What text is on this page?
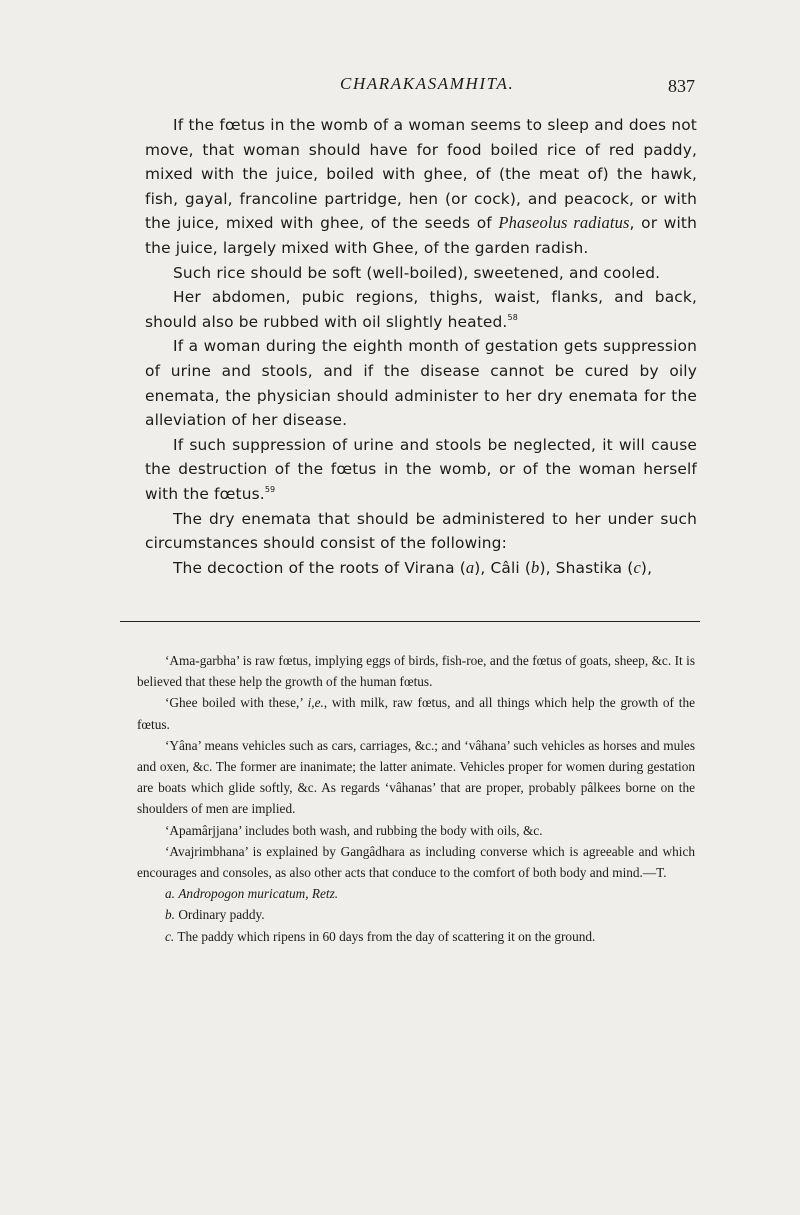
CHARAKASAMHITA.	837

If the fœtus in the womb of a woman seems to sleep and does not move, that woman should have for food boiled rice of red paddy, mixed with the juice, boiled with ghee, of (the meat of) the hawk, fish, gayal, francoline partridge, hen (or cock), and peacock, or with the juice, mixed with ghee, of the seeds of Phaseolus radiatus, or with the juice, largely mixed with Ghee, of the garden radish.

Such rice should be soft (well-boiled), sweetened, and cooled.

Her abdomen, pubic regions, thighs, waist, flanks, and back, should also be rubbed with oil slightly heated.$^{58}$

If a woman during the eighth month of gestation gets suppression of urine and stools, and if the disease cannot be cured by oily enemata, the physician should administer to her dry enemata for the alleviation of her disease.

If such suppression of urine and stools be neglected, it will cause the destruction of the fœtus in the womb, or of the woman herself with the fœtus.$^{59}$

The dry enemata that should be administered to her under such circumstances should consist of the following:

The decoction of the roots of Virana (a), Câli (b), Shastika (c),

‘Ama-garbha’ is raw fœtus, implying eggs of birds, fish-roe, and the fœtus of goats, sheep, &c. It is believed that these help the growth of the human fœtus.

‘Ghee boiled with these,’ i,e., with milk, raw fœtus, and all things which help the growth of the fœtus.

‘Yâna’ means vehicles such as cars, carriages, &c.; and ‘vâhana’ such vehicles as horses and mules and oxen, &c. The former are inanimate; the latter animate. Vehicles proper for women during gestation are boats which glide softly, &c. As regards ‘vâhanas’ that are proper, probably pâlkees borne on the shoulders of men are implied.

‘Apamârjjana’ includes both wash, and rubbing the body with oils, &c.

‘Avajrimbhana’ is explained by Gangâdhara as including converse which is agreeable and which encourages and consoles, as also other acts that conduce to the comfort of both body and mind.—T.

a. Andropogon muricatum, Retz.

b. Ordinary paddy.

c. The paddy which ripens in 60 days from the day of scattering it on the ground.
